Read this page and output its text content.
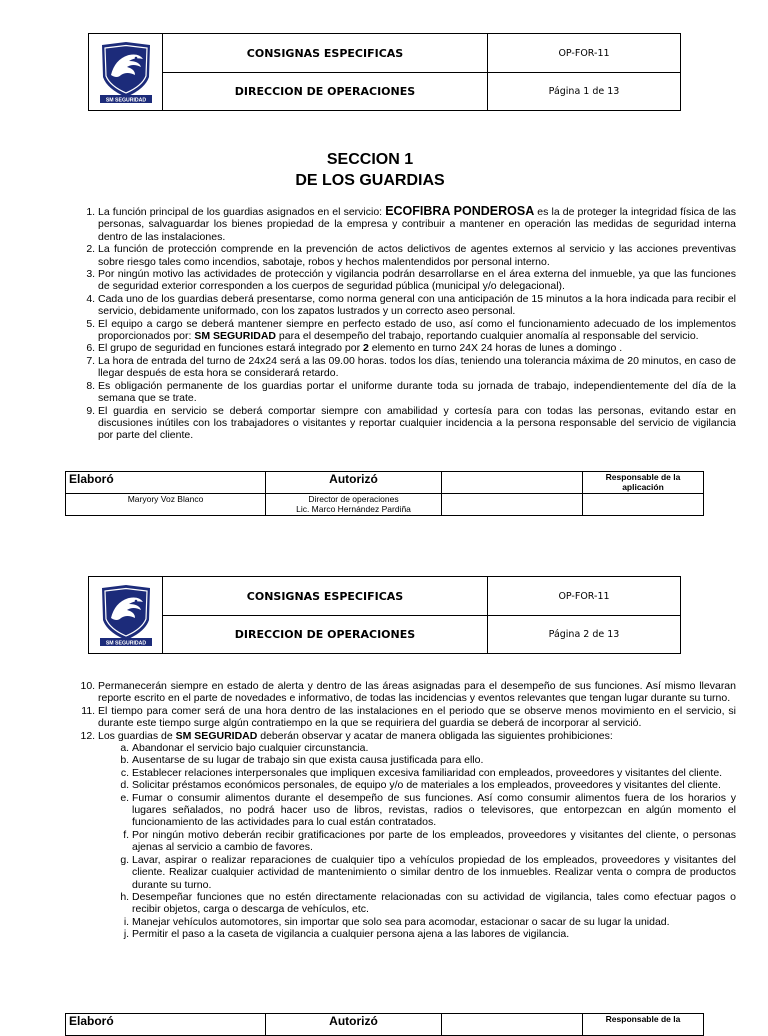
SM SEGURIDAD	CONSIGNAS ESPECIFICAS	OP-FOR-11
	DIRECCION DE OPERACIONES	Página 1 de 13
SECCION 1
DE LOS GUARDIAS
1. La función principal de los guardias asignados en el servicio: ECOFIBRA PONDEROSA es la de proteger la integridad física de las personas, salvaguardar los bienes propiedad de la empresa y contribuir a mantener en operación las medidas de seguridad interna dentro de las instalaciones.
2. La función de protección comprende en la prevención de actos delictivos de agentes externos al servicio y las acciones preventivas sobre riesgo tales como incendios, sabotaje, robos y hechos malentendidos por personal interno.
3. Por ningún motivo las actividades de protección y vigilancia podrán desarrollarse en el área externa del inmueble, ya que las funciones de seguridad exterior corresponden a los cuerpos de seguridad pública (municipal y/o delegacional).
4. Cada uno de los guardias deberá presentarse, como norma general con una anticipación de 15 minutos a la hora indicada para recibir el servicio, debidamente uniformado, con los zapatos lustrados y un correcto aseo personal.
5. El equipo a cargo se deberá mantener siempre en perfecto estado de uso, así como el funcionamiento adecuado de los implementos proporcionados por: SM SEGURIDAD para el desempeño del trabajo, reportando cualquier anomalía al responsable del servicio.
6. El grupo de seguridad en funciones estará integrado por 2 elemento en turno 24X 24 horas de lunes a domingo .
7. La hora de entrada del turno de 24x24 será a las 09.00 horas. todos los días, teniendo una tolerancia máxima de 20 minutos, en caso de llegar después de esta hora se considerará retardo.
8. Es obligación permanente de los guardias portar el uniforme durante toda su jornada de trabajo, independientemente del día de la semana que se trate.
9. El guardia en servicio se deberá comportar siempre con amabilidad y cortesía para con todas las personas, evitando estar en discusiones inútiles con los trabajadores o visitantes y reportar cualquier incidencia a la persona responsable del servicio de vigilancia por parte del cliente.
Elaboró	Autorizó		Responsable de la aplicación
Maryory Voz Blanco	Director de operaciones
Lic. Marco Hernández Pardiña		

SM SEGURIDAD	CONSIGNAS ESPECIFICAS	OP-FOR-11
	DIRECCION DE OPERACIONES	Página 2 de 13
10. Permanecerán siempre en estado de alerta y dentro de las áreas asignadas para el desempeño de sus funciones. Así mismo llevaran reporte escrito en el parte de novedades e informativo, de todas las incidencias y eventos relevantes que tengan lugar durante su turno.
11. El tiempo para comer será de una hora dentro de las instalaciones en el periodo que se observe menos movimiento en el servicio, si durante este tiempo surge algún contratiempo en la que se requiriera del guardia se deberá de incorporar al servició.
12. Los guardias de SM SEGURIDAD deberán observar y acatar de manera obligada las siguientes prohibiciones:
a. Abandonar el servicio bajo cualquier circunstancia.
b. Ausentarse de su lugar de trabajo sin que exista causa justificada para ello.
c. Establecer relaciones interpersonales que impliquen excesiva familiaridad con empleados, proveedores y visitantes del cliente.
d. Solicitar préstamos económicos personales, de equipo y/o de materiales a los empleados, proveedores y visitantes del cliente.
e. Fumar o consumir alimentos durante el desempeño de sus funciones. Así como consumir alimentos fuera de los horarios y lugares señalados, no podrá hacer uso de libros, revistas, radios o televisores, que entorpezcan en algún momento el funcionamiento de las actividades para lo cual están contratados.
f. Por ningún motivo deberán recibir gratificaciones por parte de los empleados, proveedores y visitantes del cliente, o personas ajenas al servicio a cambio de favores.
g. Lavar, aspirar o realizar reparaciones de cualquier tipo a vehículos propiedad de los empleados, proveedores y visitantes del cliente. Realizar cualquier actividad de mantenimiento o similar dentro de los inmuebles. Realizar venta o compra de productos durante su turno.
h. Desempeñar funciones que no estén directamente relacionadas con su actividad de vigilancia, tales como efectuar pagos o recibir objetos, carga o descarga de vehículos, etc.
i. Manejar vehículos automotores, sin importar que solo sea para acomodar, estacionar o sacar de su lugar la unidad.
j. Permitir el paso a la caseta de vigilancia a cualquier persona ajena a las labores de vigilancia.
Elaboró	Autorizó		Responsable de la
